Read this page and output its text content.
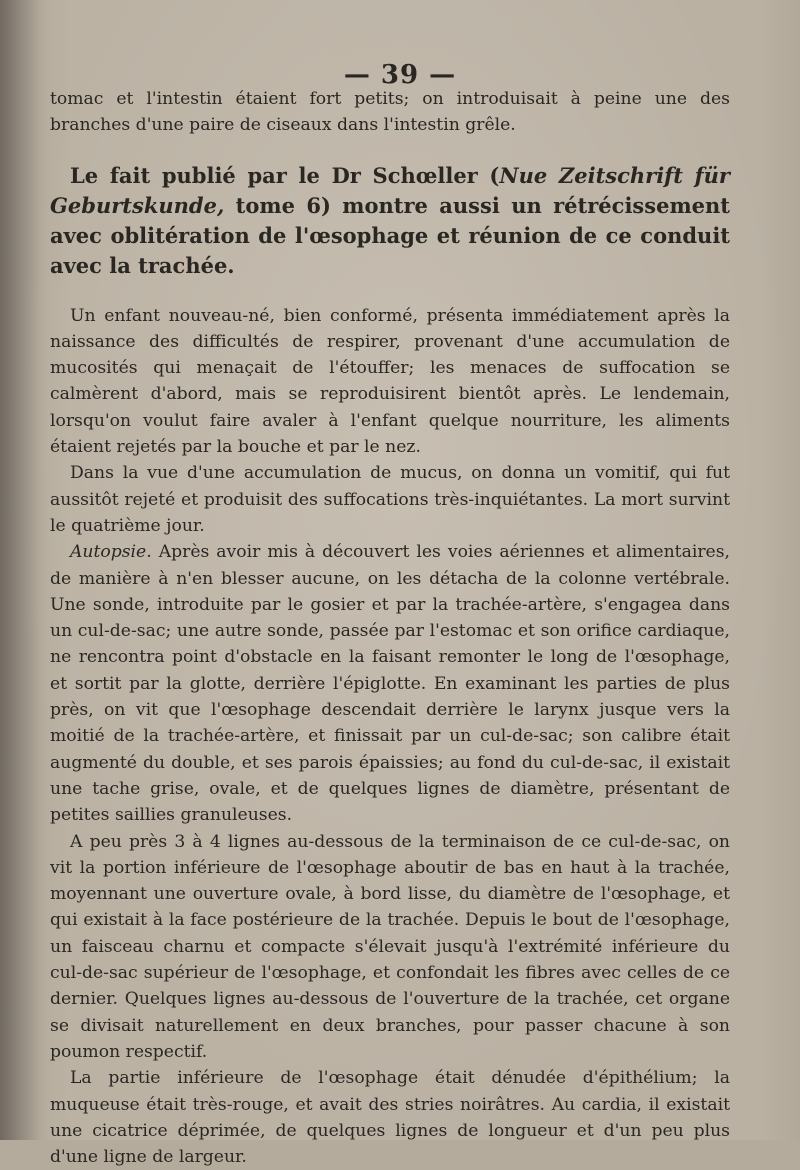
— 39 —

tomac et l'intestin étaient fort petits; on introduisait à peine une des branches d'une paire de ciseaux dans l'intestin grêle.

Le fait publié par le Dr Schœller (Nue Zeitschrift für Geburtskunde, tome 6) montre aussi un rétrécissement avec oblitération de l'œsophage et réunion de ce conduit avec la trachée.

Un enfant nouveau-né, bien conformé, présenta immédiatement après la naissance des difficultés de respirer, provenant d'une accumulation de mucosités qui menaçait de l'étouffer; les menaces de suffocation se calmèrent d'abord, mais se reproduisirent bientôt après. Le lendemain, lorsqu'on voulut faire avaler à l'enfant quelque nourriture, les aliments étaient rejetés par la bouche et par le nez.

Dans la vue d'une accumulation de mucus, on donna un vomitif, qui fut aussitôt rejeté et produisit des suffocations très-inquiétantes. La mort survint le quatrième jour.

Autopsie. Après avoir mis à découvert les voies aériennes et alimentaires, de manière à n'en blesser aucune, on les détacha de la colonne vertébrale. Une sonde, introduite par le gosier et par la trachée-artère, s'engagea dans un cul-de-sac; une autre sonde, passée par l'estomac et son orifice cardiaque, ne rencontra point d'obstacle en la faisant remonter le long de l'œsophage, et sortit par la glotte, derrière l'épiglotte. En examinant les parties de plus près, on vit que l'œsophage descendait derrière le larynx jusque vers la moitié de la trachée-artère, et finissait par un cul-de-sac; son calibre était augmenté du double, et ses parois épaissies; au fond du cul-de-sac, il existait une tache grise, ovale, et de quelques lignes de diamètre, présentant de petites saillies granuleuses.

A peu près 3 à 4 lignes au-dessous de la terminaison de ce cul-de-sac, on vit la portion inférieure de l'œsophage aboutir de bas en haut à la trachée, moyennant une ouverture ovale, à bord lisse, du diamètre de l'œsophage, et qui existait à la face postérieure de la trachée. Depuis le bout de l'œsophage, un faisceau charnu et compacte s'élevait jusqu'à l'extrémité inférieure du cul-de-sac supérieur de l'œsophage, et confondait les fibres avec celles de ce dernier. Quelques lignes au-dessous de l'ouverture de la trachée, cet organe se divisait naturellement en deux branches, pour passer chacune à son poumon respectif.

La partie inférieure de l'œsophage était dénudée d'épithélium; la muqueuse était très-rouge, et avait des stries noirâtres. Au cardia, il existait une cicatrice déprimée, de quelques lignes de longueur et d'un peu plus d'une ligne de largeur.
